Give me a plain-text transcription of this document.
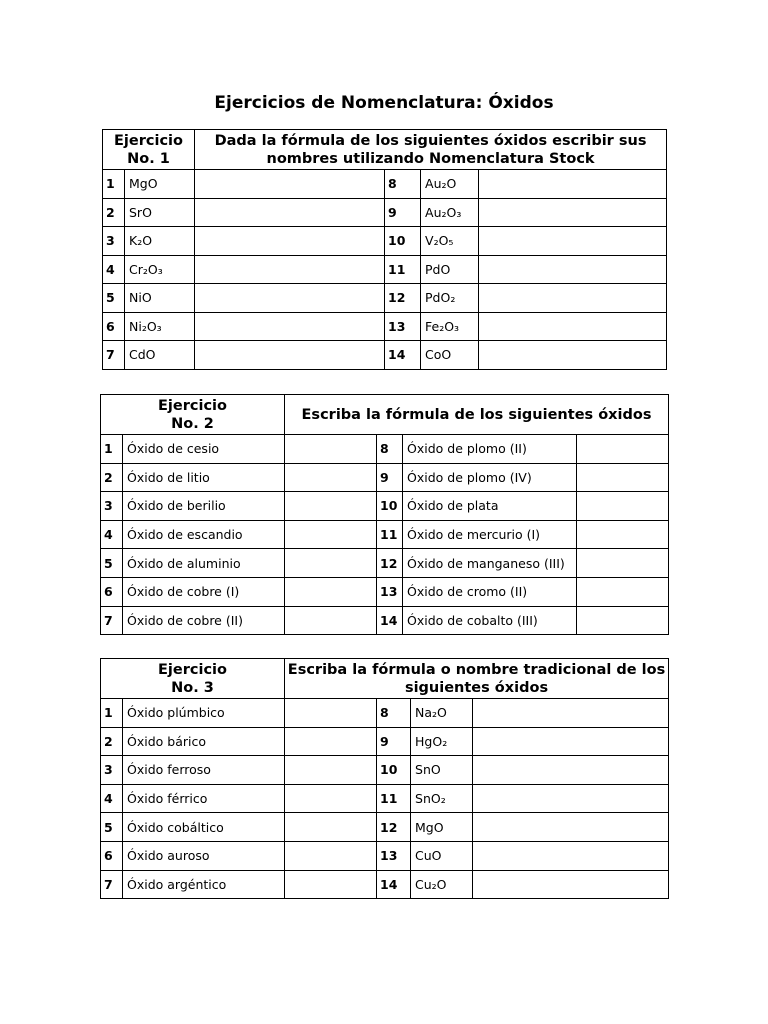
Ejercicios de Nomenclatura: Óxidos
Ejercicio
No. 1		Dada la fórmula de los siguientes óxidos escribir sus nombres utilizando Nomenclatura Stock			
1	MgO		8	Au₂O	
2	SrO		9	Au₂O₃	
3	K₂O		10	V₂O₅	
4	Cr₂O₃		11	PdO	
5	NiO		12	PdO₂	
6	Ni₂O₃		13	Fe₂O₃	
7	CdO		14	CoO	
Ejercicio
No. 2		Escriba la fórmula de los siguientes óxidos			
1	Óxido de cesio		8	Óxido de plomo (II)	
2	Óxido de litio		9	Óxido de plomo (IV)	
3	Óxido de berilio		10	Óxido de plata	
4	Óxido de escandio		11	Óxido de mercurio (I)	
5	Óxido de aluminio		12	Óxido de manganeso (III)	
6	Óxido de cobre (I)		13	Óxido de cromo (II)	
7	Óxido de cobre (II)		14	Óxido de cobalto (III)	
Ejercicio
No. 3		Escriba la fórmula o nombre tradicional de los siguientes óxidos			
1	Óxido plúmbico		8	Na₂O	
2	Óxido bárico		9	HgO₂	
3	Óxido ferroso		10	SnO	
4	Óxido férrico		11	SnO₂	
5	Óxido cobáltico		12	MgO	
6	Óxido auroso		13	CuO	
7	Óxido argéntico		14	Cu₂O	
